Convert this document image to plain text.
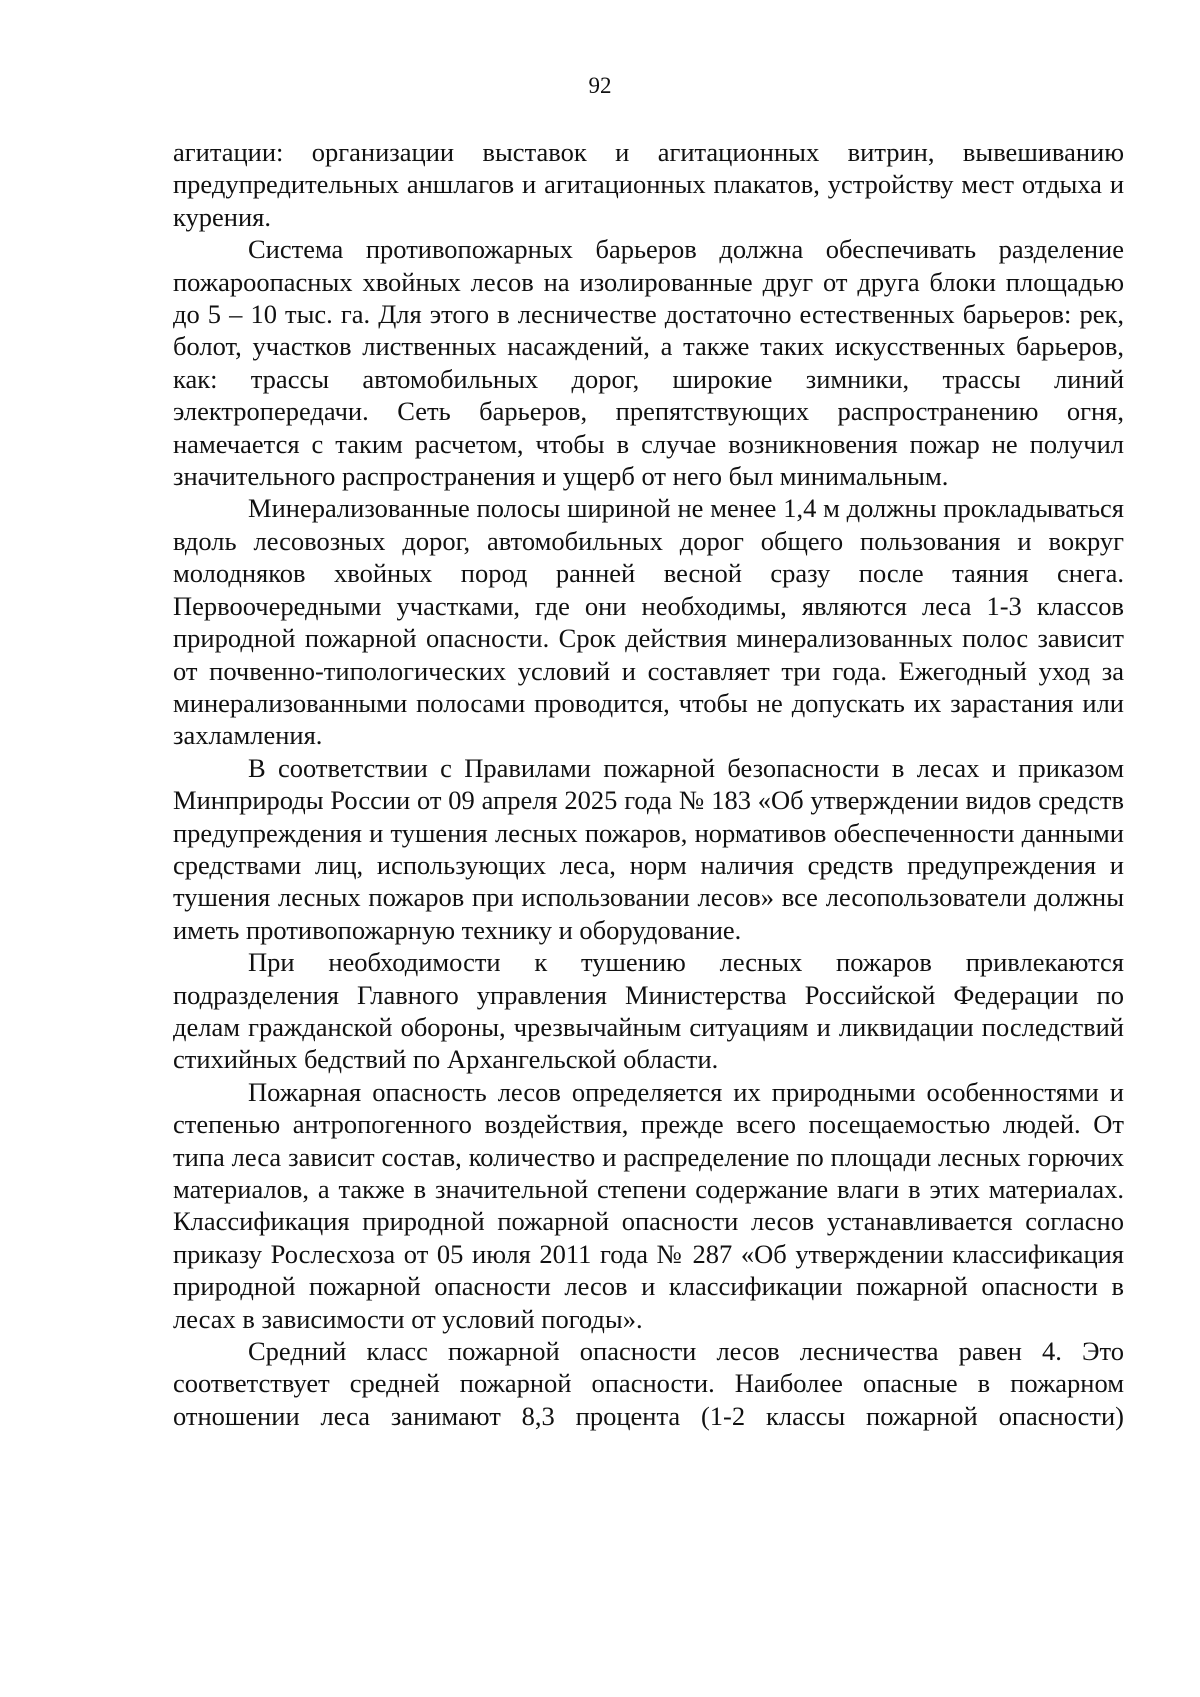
92

агитации: организации выставок и агитационных витрин, вывешиванию предупредительных аншлагов и агитационных плакатов, устройству мест отдыха и курения.

Система противопожарных барьеров должна обеспечивать разделение пожароопасных хвойных лесов на изолированные друг от друга блоки площадью до 5 – 10 тыс. га. Для этого в лесничестве достаточно естественных барьеров: рек, болот, участков лиственных насаждений, а также таких искусственных барьеров, как: трассы автомобильных дорог, широкие зимники, трассы линий электропередачи. Сеть барьеров, препятствующих распространению огня, намечается с таким расчетом, чтобы в случае возникновения пожар не получил значительного распространения и ущерб от него был минимальным.

Минерализованные полосы шириной не менее 1,4 м должны прокладываться вдоль лесовозных дорог, автомобильных дорог общего пользования и вокруг молодняков хвойных пород ранней весной сразу после таяния снега. Первоочередными участками, где они необходимы, являются леса 1-3 классов природной пожарной опасности. Срок действия минерализованных полос зависит от почвенно-типологических условий и составляет три года. Ежегодный уход за минерализованными полосами проводится, чтобы не допускать их зарастания или захламления.

В соответствии с Правилами пожарной безопасности в лесах и приказом Минприроды России от 09 апреля 2025 года № 183 «Об утверждении видов средств предупреждения и тушения лесных пожаров, нормативов обеспеченности данными средствами лиц, использующих леса, норм наличия средств предупреждения и тушения лесных пожаров при использовании лесов» все лесопользователи должны иметь противопожарную технику и оборудование.

При необходимости к тушению лесных пожаров привлекаются подразделения Главного управления Министерства Российской Федерации по делам гражданской обороны, чрезвычайным ситуациям и ликвидации последствий стихийных бедствий по Архангельской области.

Пожарная опасность лесов определяется их природными особенностями и степенью антропогенного воздействия, прежде всего посещаемостью людей. От типа леса зависит состав, количество и распределение по площади лесных горючих материалов, а также в значительной степени содержание влаги в этих материалах. Классификация природной пожарной опасности лесов устанавливается согласно приказу Рослесхоза от 05 июля 2011 года № 287 «Об утверждении классификация природной пожарной опасности лесов и классификации пожарной опасности в лесах в зависимости от условий погоды».

Средний класс пожарной опасности лесов лесничества равен 4. Это соответствует средней пожарной опасности. Наиболее опасные в пожарном отношении леса занимают 8,3 процента (1-2 классы пожарной опасности)
